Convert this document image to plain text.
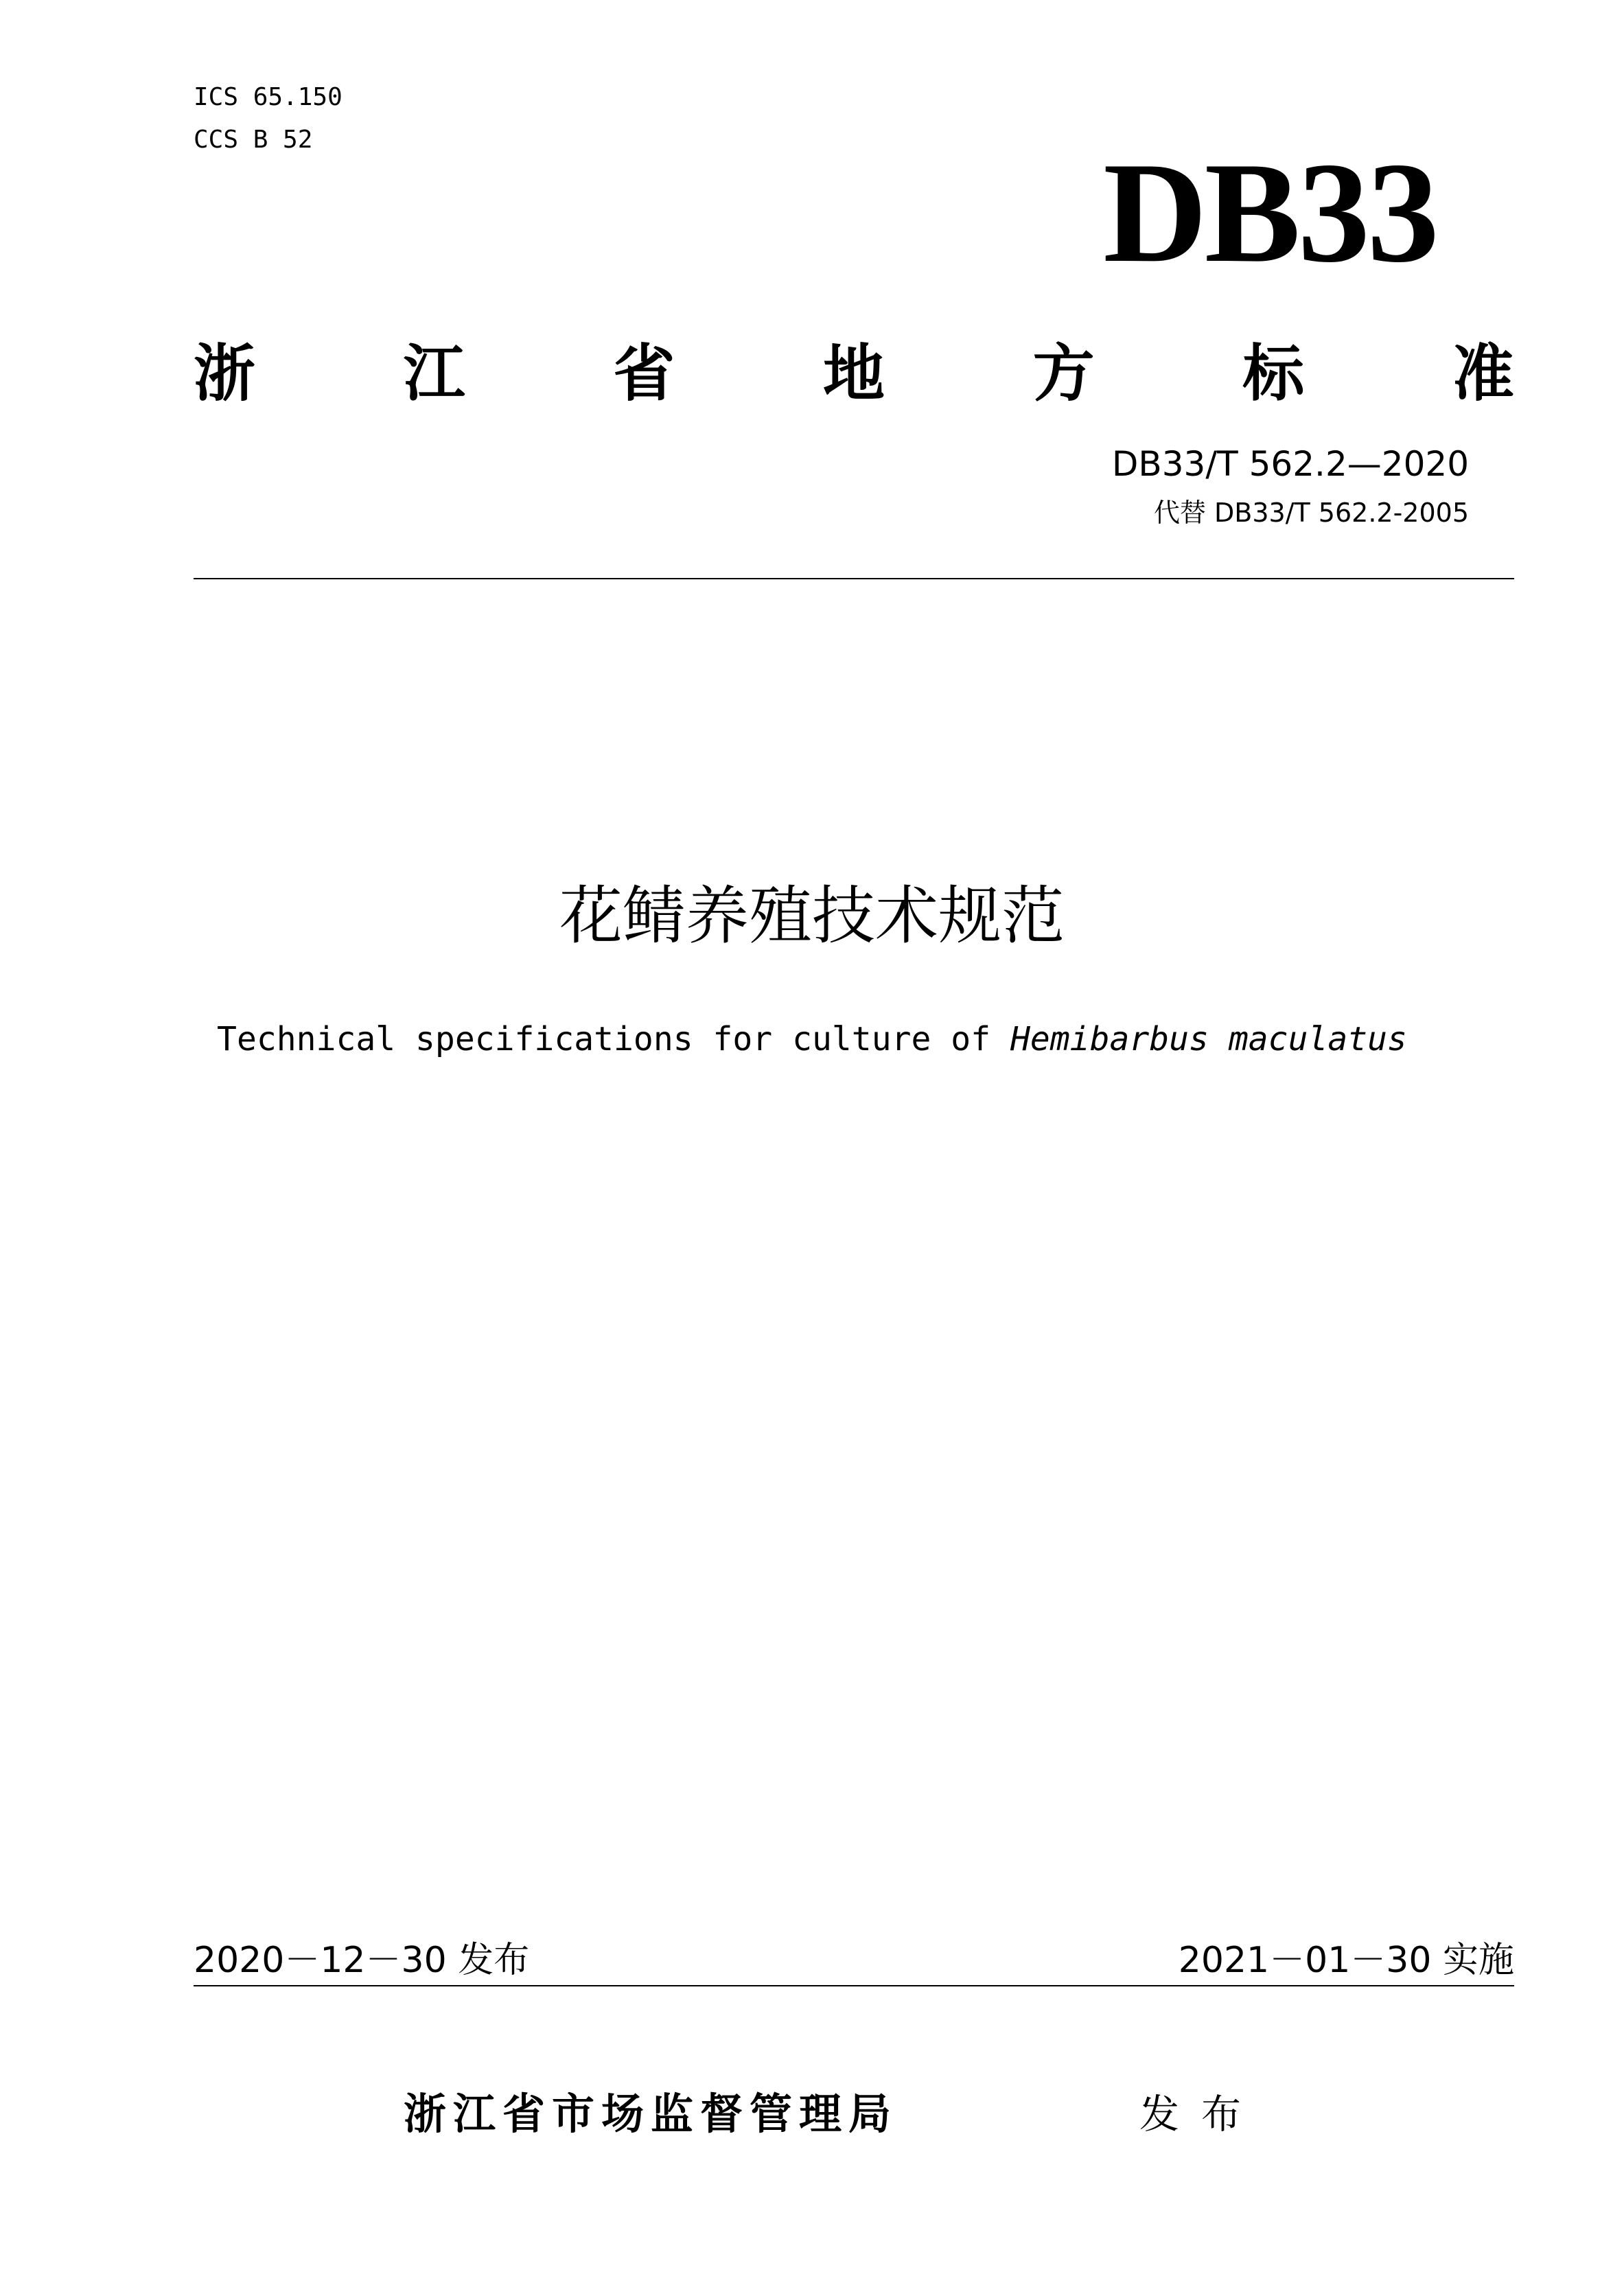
ICS 65.150
CCS B 52	DB33
浙 江 省 地 方 标 准
DB33/T 562.2—2020
代替 DB33/T 562.2-2005
花鲭养殖技术规范
Technical specifications for culture of Hemibarbus maculatus
2020－12－30 发布	2021－01－30 实施
浙江省市场监督管理局	发布
